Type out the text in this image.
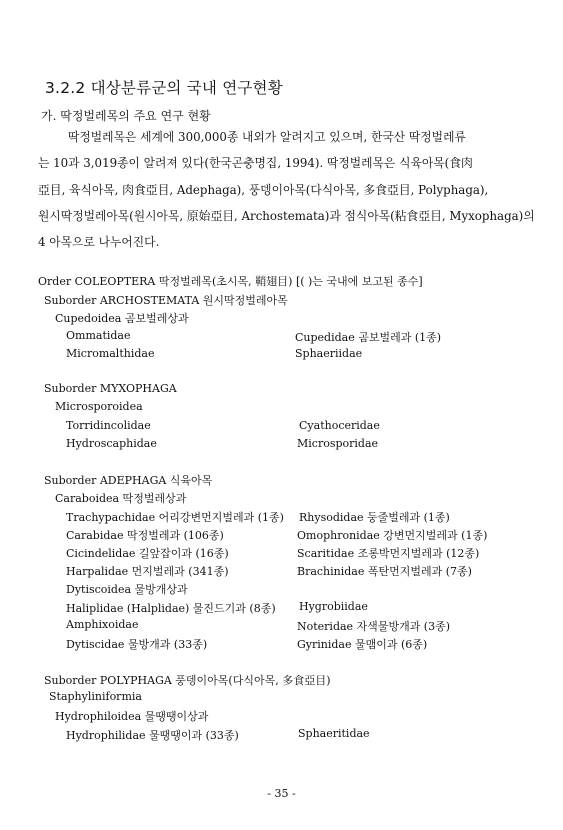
3.2.2 대상분류군의 국내 연구현황
가. 딱정벌레목의 주요 연구 현황
딱정벌레목은 세계에 300,000종 내외가 알려지고 있으며, 한국산 딱정벌레류
는 10과 3,019종이 알려져 있다(한국곤충명집, 1994). 딱정벌레목은 식육아목(食肉
亞目, 육식아목, 肉食亞目, Adephaga), 풍뎅이아목(다식아목, 多食亞目, Polyphaga),
원시딱정벌레아목(원시아목, 原始亞目, Archostemata)과 점식아목(粘食亞目, Myxophaga)의
4 아목으로 나누어진다.
Order COLEOPTERA 딱정벌레목(초시목, 鞘翅目) [( )는 국내에 보고된 종수]
Suborder ARCHOSTEMATA 원시딱정벌레아목
Cupedoidea 곰보벌레상과
Ommatidae	Cupedidae 곰보벌레과 (1종)
Micromalthidae	Sphaeriidae
Suborder MYXOPHAGA
Microsporoidea
Torridincolidae	Cyathoceridae
Hydroscaphidae	Microsporidae
Suborder ADEPHAGA 식육아목
Caraboidea 딱정벌레상과
Trachypachidae 어리강변먼지벌레과 (1종) Rhysodidae 둥줄벌레과 (1종)
Carabidae 딱정벌레과 (106종)	Omophronidae 강변먼지벌레과 (1종)
Cicindelidae 길앞잡이과 (16종)	Scaritidae 조롱박먼지벌레과 (12종)
Harpalidae 먼지벌레과 (341종)	Brachinidae 폭탄먼지벌레과 (7종)
Dytiscoidea 물방개상과
Haliplidae (Halplidae) 물진드기과 (8종) Hygrobiidae
Amphixoidae	Noteridae 자색물방개과 (3종)
Dytiscidae 물방개과 (33종)	Gyrinidae 물맴이과 (6종)
Suborder POLYPHAGA 풍뎅이아목(다식아목, 多食亞目)
Staphyliniformia
Hydrophiloidea 물땡땡이상과
Hydrophilidae 물땡땡이과 (33종)	Sphaeritidae
- 35 -
